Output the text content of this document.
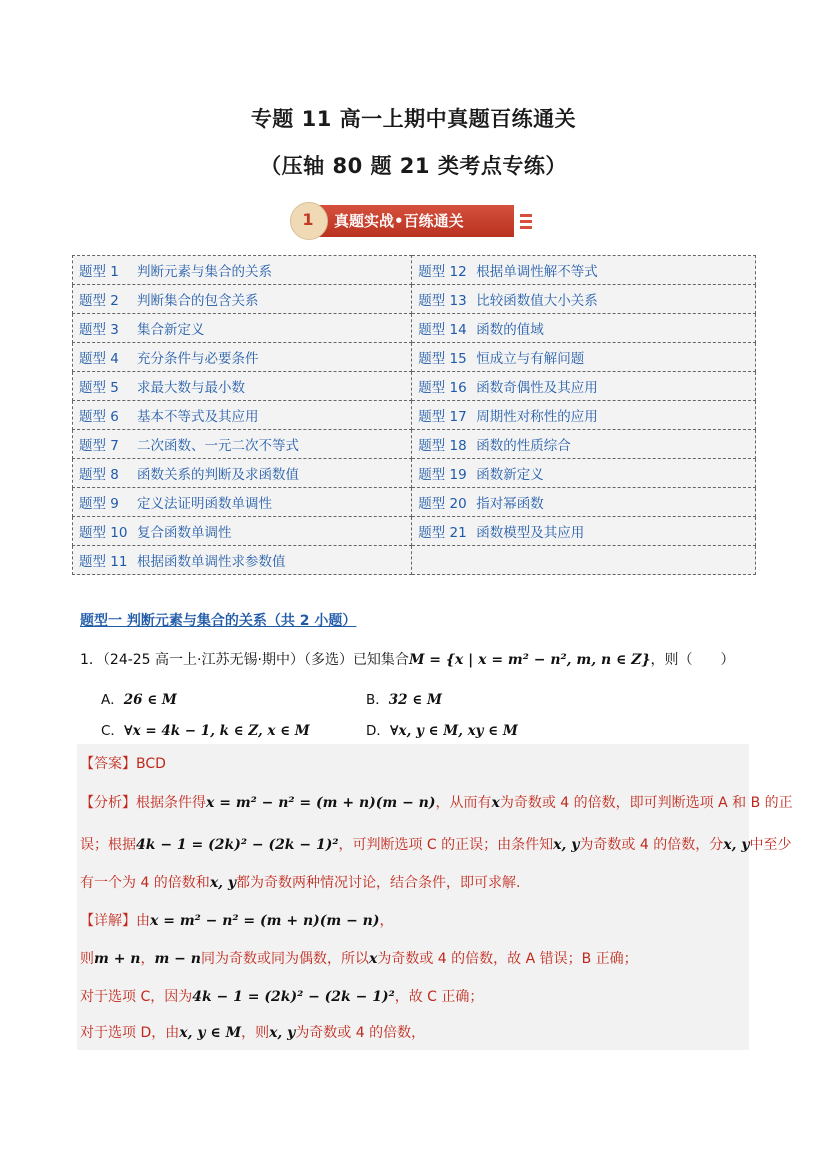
专题 11 高一上期中真题百练通关
（压轴 80 题 21 类考点专练）
1	真题实战•百练通关
题型 1 判断元素与集合的关系	题型 12 根据单调性解不等式
题型 2 判断集合的包含关系	题型 13 比较函数值大小关系
题型 3 集合新定义	题型 14 函数的值域
题型 4 充分条件与必要条件	题型 15 恒成立与有解问题
题型 5 求最大数与最小数	题型 16 函数奇偶性及其应用
题型 6 基本不等式及其应用	题型 17 周期性对称性的应用
题型 7 二次函数、一元二次不等式	题型 18 函数的性质综合
题型 8 函数关系的判断及求函数值	题型 19 函数新定义
题型 9 定义法证明函数单调性	题型 20 指对幂函数
题型 10 复合函数单调性	题型 21 函数模型及其应用
题型 11 根据函数单调性求参数值	
题型一 判断元素与集合的关系（共 2 小题）
1．（24-25 高一上·江苏无锡·期中）（多选）已知集合M = {x | x = m² − n², m, n ∈ Z}，则（　　）
A．26 ∈ M	B．32 ∈ M
C．∀x = 4k − 1, k ∈ Z, x ∈ M	D．∀x, y ∈ M, xy ∈ M
【答案】BCD
【分析】根据条件得x = m² − n² = (m + n)(m − n)，从而有x为奇数或 4 的倍数，即可判断选项 A 和 B 的正
误；根据4k − 1 = (2k)² − (2k − 1)²，可判断选项 C 的正误；由条件知x, y为奇数或 4 的倍数，分x, y中至少
有一个为 4 的倍数和x, y都为奇数两种情况讨论，结合条件，即可求解.
【详解】由x = m² − n² = (m + n)(m − n)，
则m + n，m − n同为奇数或同为偶数，所以x为奇数或 4 的倍数，故 A 错误；B 正确；
对于选项 C，因为4k − 1 = (2k)² − (2k − 1)²，故 C 正确；
对于选项 D，由x, y ∈ M，则x, y为奇数或 4 的倍数，
